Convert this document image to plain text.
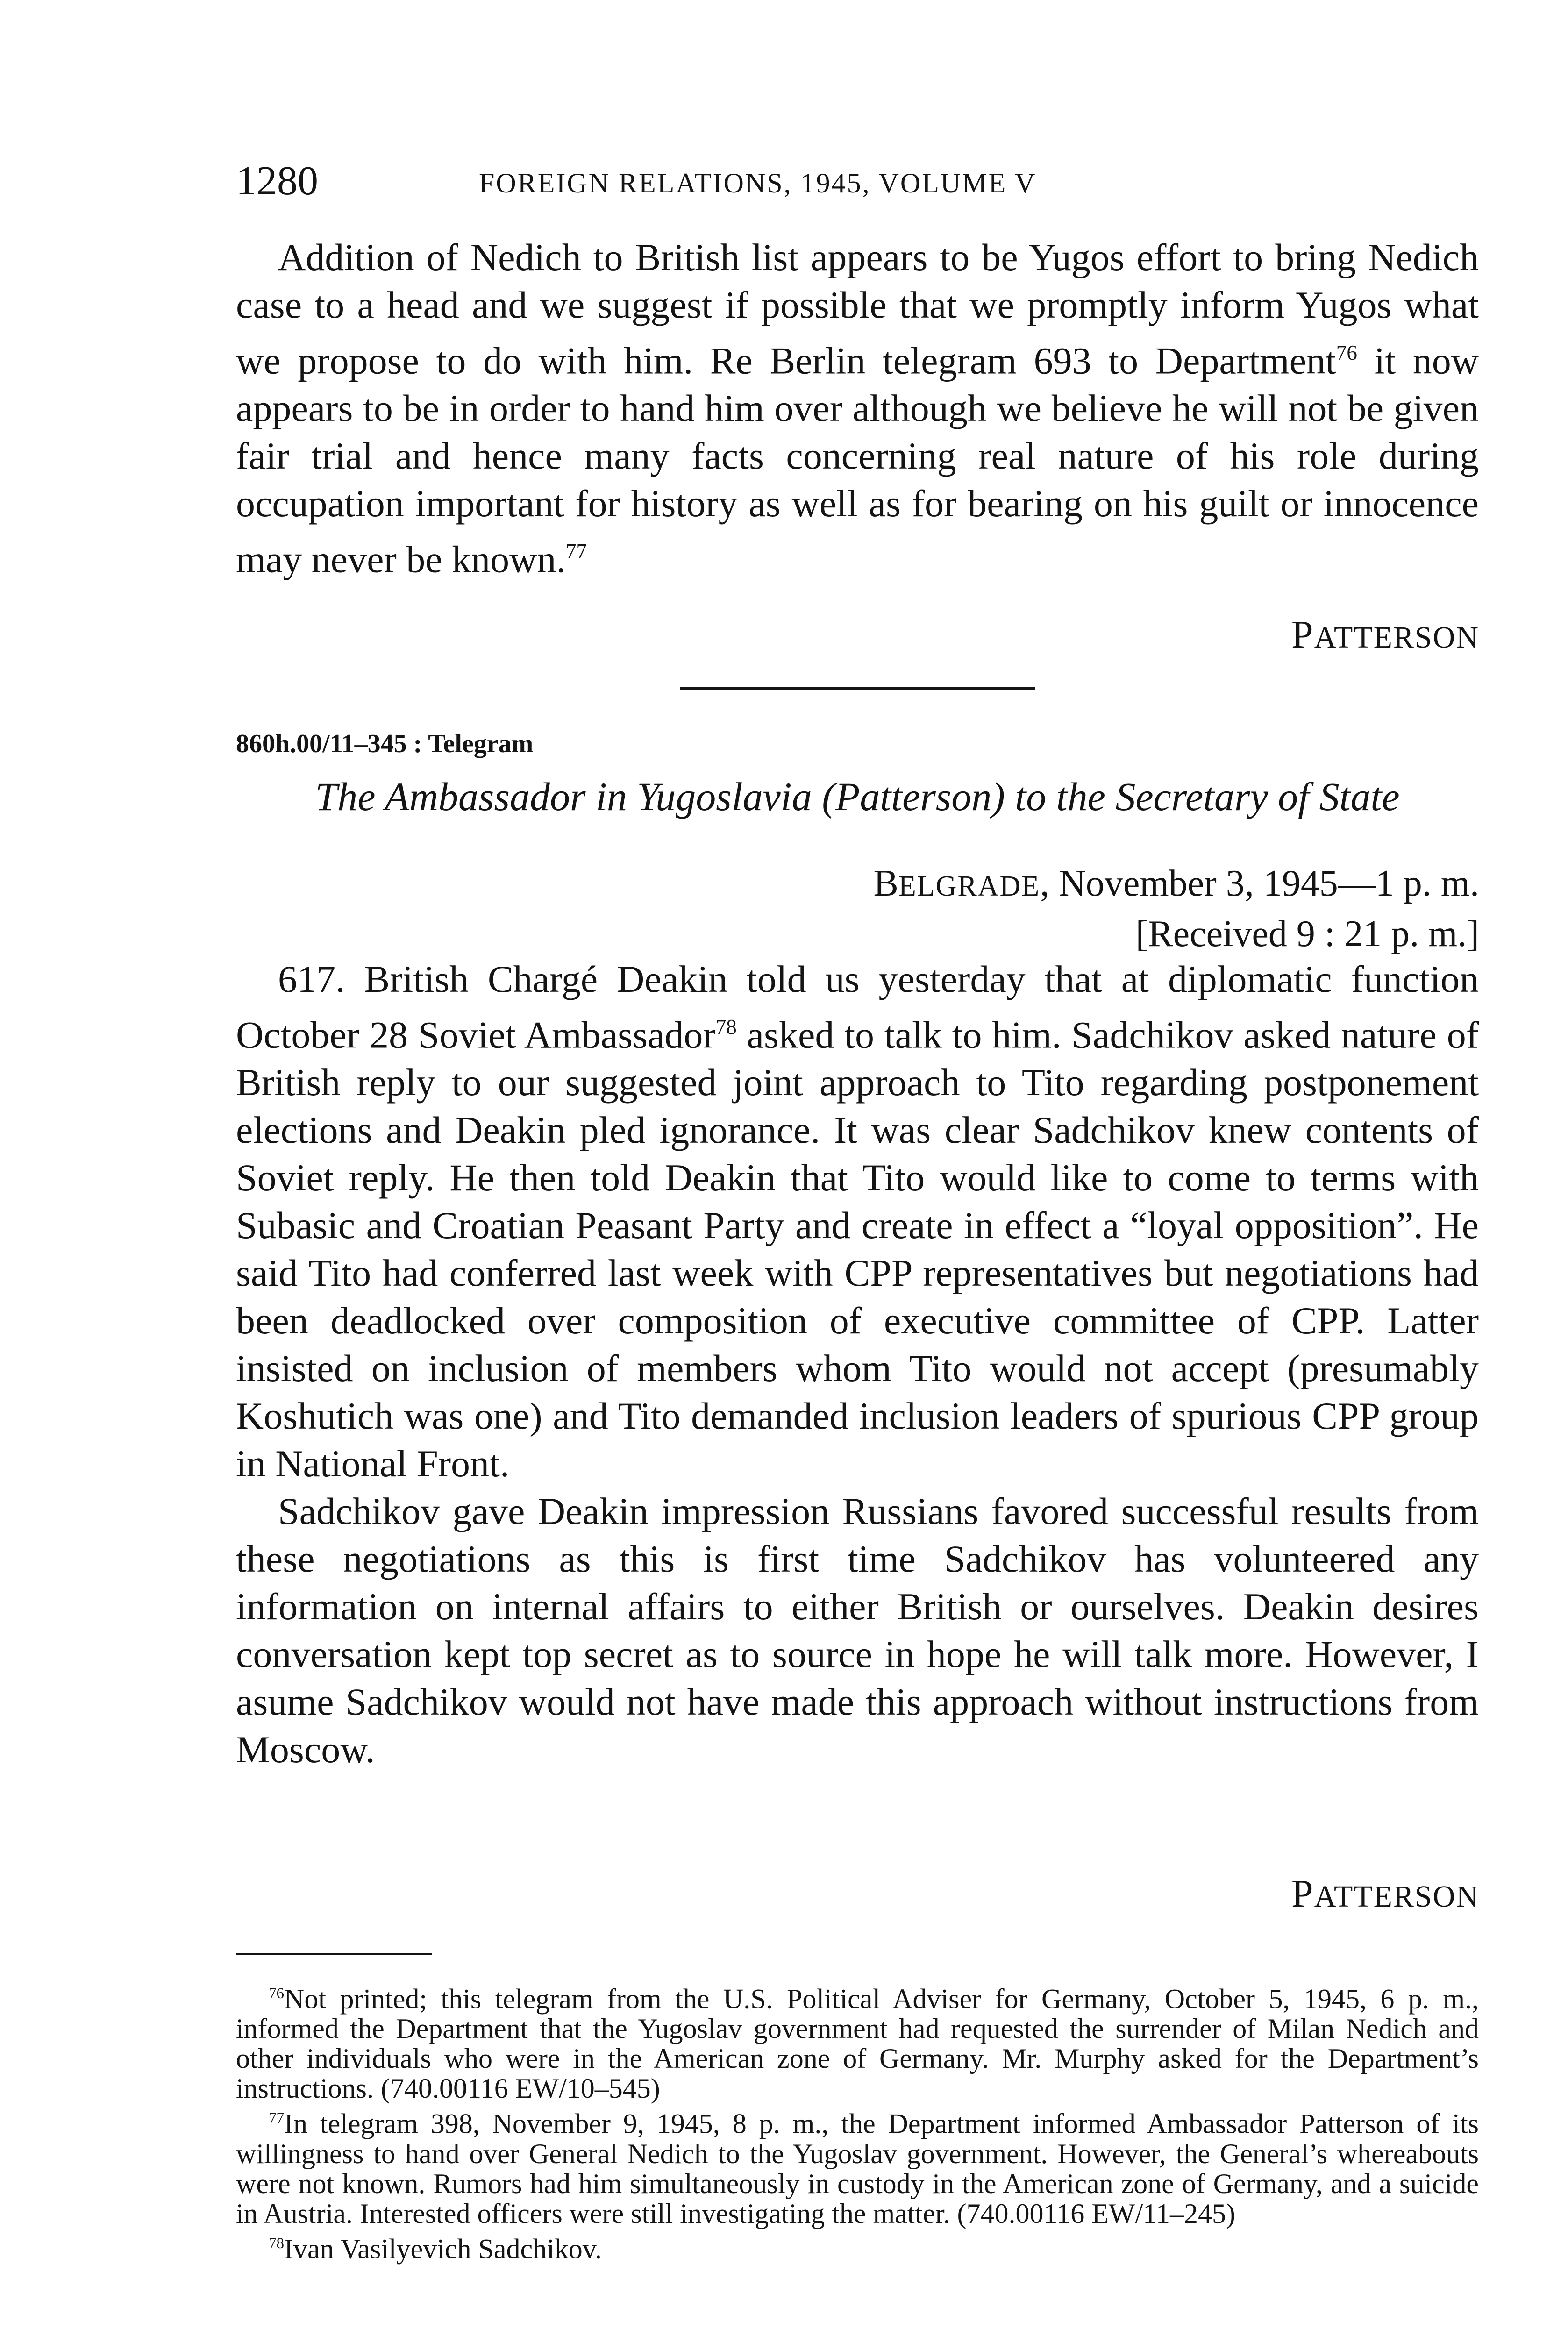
1280	FOREIGN RELATIONS, 1945, VOLUME V

Addition of Nedich to British list appears to be Yugos effort to bring Nedich case to a head and we suggest if possible that we promptly inform Yugos what we propose to do with him. Re Berlin telegram 693 to Department$^{76}$ it now appears to be in order to hand him over although we believe he will not be given fair trial and hence many facts concerning real nature of his role during occupation important for history as well as for bearing on his guilt or innocence may never be known.$^{77}$

PATTERSON
860h.00/11–345 : Telegram
The Ambassador in Yugoslavia (Patterson) to the Secretary of State
BELGRADE, November 3, 1945—1 p. m.
[Received 9 : 21 p. m.]

617. British Chargé Deakin told us yesterday that at diplomatic function October 28 Soviet Ambassador$^{78}$ asked to talk to him. Sadchikov asked nature of British reply to our suggested joint approach to Tito regarding postponement elections and Deakin pled ignorance. It was clear Sadchikov knew contents of Soviet reply. He then told Deakin that Tito would like to come to terms with Subasic and Croatian Peasant Party and create in effect a “loyal opposition”. He said Tito had conferred last week with CPP representatives but negotiations had been deadlocked over composition of executive committee of CPP. Latter insisted on inclusion of members whom Tito would not accept (presumably Koshutich was one) and Tito demanded inclusion leaders of spurious CPP group in National Front.

Sadchikov gave Deakin impression Russians favored successful results from these negotiations as this is first time Sadchikov has volunteered any information on internal affairs to either British or ourselves. Deakin desires conversation kept top secret as to source in hope he will talk more. However, I asume Sadchikov would not have made this approach without instructions from Moscow.

PATTERSON

$^{76}$Not printed; this telegram from the U.S. Political Adviser for Germany, October 5, 1945, 6 p. m., informed the Department that the Yugoslav government had requested the surrender of Milan Nedich and other individuals who were in the American zone of Germany. Mr. Murphy asked for the Department’s instructions. (740.00116 EW/10–545)

$^{77}$In telegram 398, November 9, 1945, 8 p. m., the Department informed Ambassador Patterson of its willingness to hand over General Nedich to the Yugoslav government. However, the General’s whereabouts were not known. Rumors had him simultaneously in custody in the American zone of Germany, and a suicide in Austria. Interested officers were still investigating the matter. (740.00116 EW/11–245)

$^{78}$Ivan Vasilyevich Sadchikov.
